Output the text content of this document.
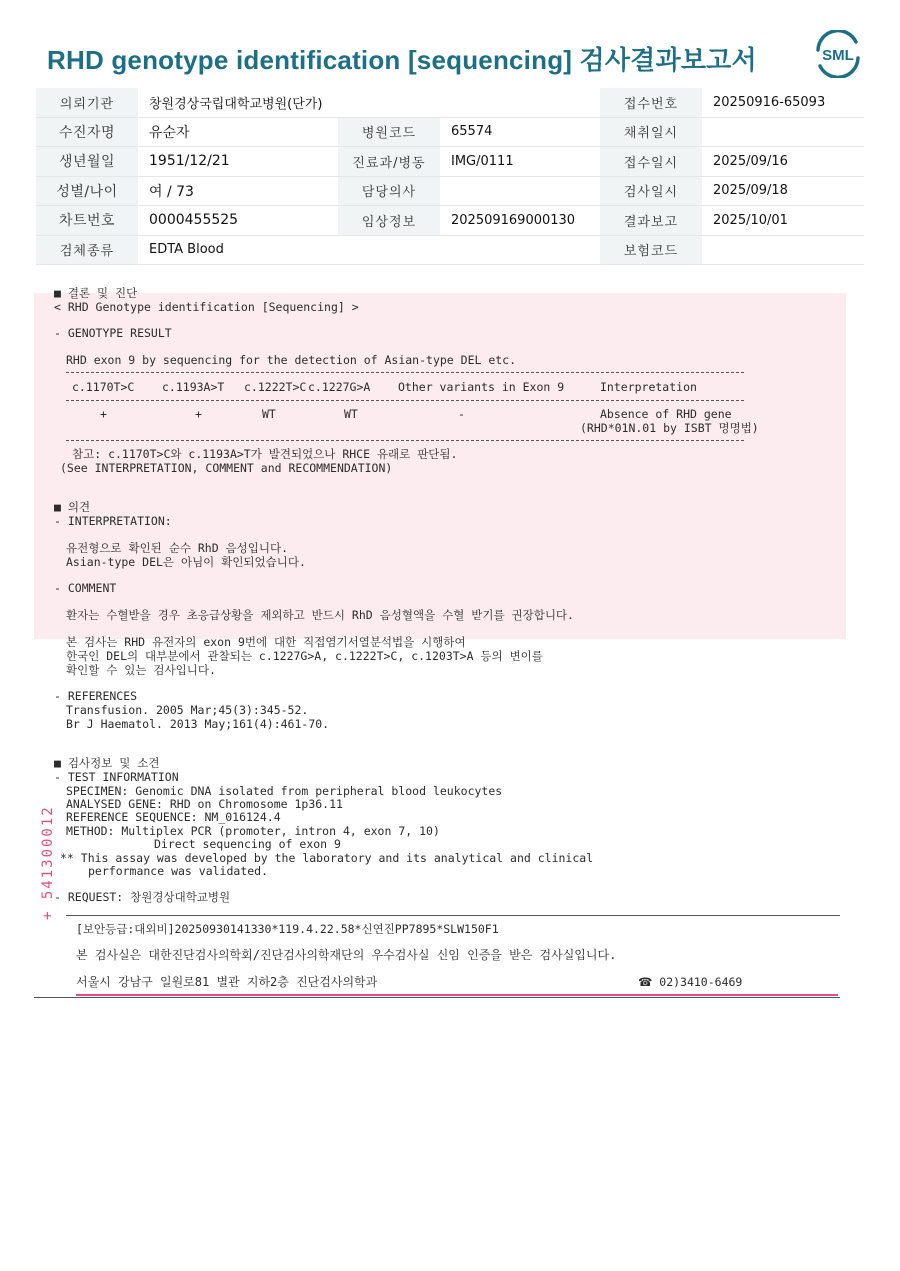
RHD genotype identification [sequencing] 검사결과보고서	SML
의뢰기관	창원경상국립대학교병원(단가)			접수번호	20250916-65093
수진자명	유순자	병원코드	65574	채취일시	
생년월일	1951/12/21	진료과/병동	IMG/0111	접수일시	2025/09/16
성별/나이	여 / 73	담당의사		검사일시	2025/09/18
차트번호	0000455525	임상정보	202509169000130	결과보고	2025/10/01
검체종류	EDTA Blood			보험코드	
■ 결론 및 진단
< RHD Genotype identification [Sequencing] >
- GENOTYPE RESULT
RHD exon 9 by sequencing for the detection of Asian-type DEL etc.
c.1170T>C c.1193A>T c.1222T>C c.1227G>A Other variants in Exon 9	Interpretation
+	+	WT	WT	-	Absence of RHD gene
(RHD*01N.01 by ISBT 명명법)
참고: c.1170T>C와 c.1193A>T가 발견되었으나 RHCE 유래로 판단됨.
(See INTERPRETATION, COMMENT and RECOMMENDATION)
■ 의견
- INTERPRETATION:
유전형으로 확인된 순수 RhD 음성입니다.
Asian-type DEL은 아님이 확인되었습니다.
- COMMENT
환자는 수혈받을 경우 초응급상황을 제외하고 반드시 RhD 음성혈액을 수혈 받기를 권장합니다.
본 검사는 RHD 유전자의 exon 9번에 대한 직접염기서열분석법을 시행하여
한국인 DEL의 대부분에서 관찰되는 c.1227G>A, c.1222T>C, c.1203T>A 등의 변이를
확인할 수 있는 검사입니다.
- REFERENCES
Transfusion. 2005 Mar;45(3):345-52.
Br J Haematol. 2013 May;161(4):461-70.
■ 검사정보 및 소견
- TEST INFORMATION
SPECIMEN: Genomic DNA isolated from peripheral blood leukocytes
ANALYSED GENE: RHD on Chromosome 1p36.11
REFERENCE SEQUENCE: NM_016124.4
METHOD: Multiplex PCR (promoter, intron 4, exon 7, 10)
Direct sequencing of exon 9
** This assay was developed by the laboratory and its analytical and clinical
performance was validated.
- REQUEST: 창원경상대학교병원
[보안등급:대외비]20250930141330*119.4.22.58*신연진PP7895*SLW150F1
본 검사실은 대한진단검사의학회/진단검사의학재단의 우수검사실 신임 인증을 받은 검사실입니다.
서울시 강남구 일원로81 별관 지하2층 진단검사의학과	☎ 02)3410-6469
+ 541300012
